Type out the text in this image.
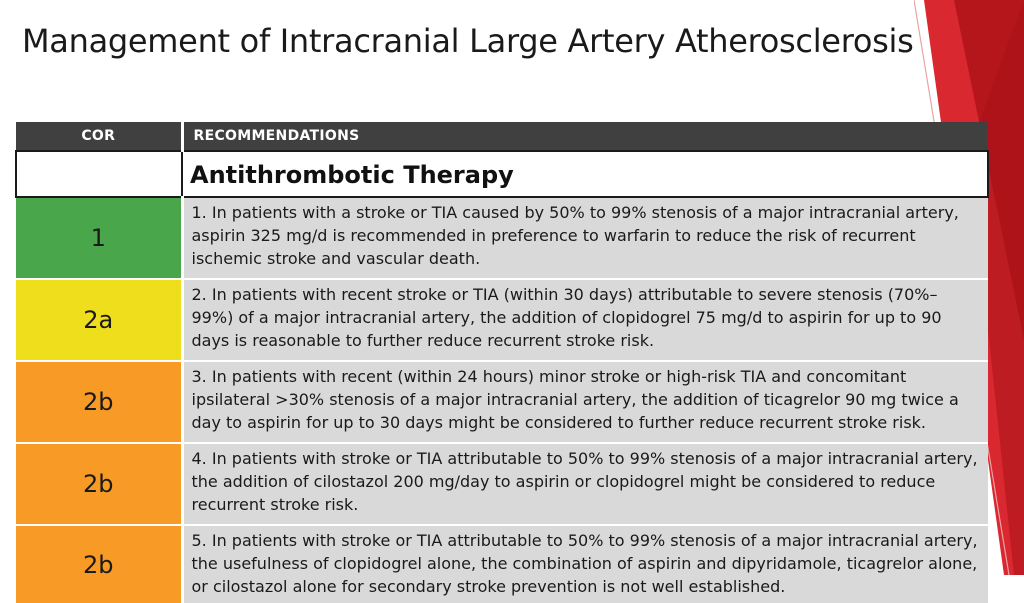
Management of Intracranial Large Artery Atherosclerosis
COR	RECOMMENDATIONS
	Antithrombotic Therapy
1	1. In patients with a stroke or TIA caused by 50% to 99% stenosis of a major intracranial artery, aspirin 325 mg/d is recommended in preference to warfarin to reduce the risk of recurrent ischemic stroke and vascular death.
2a	2. In patients with recent stroke or TIA (within 30 days) attributable to severe stenosis (70%–99%) of a major intracranial artery, the addition of clopidogrel 75 mg/d to aspirin for up to 90 days is reasonable to further reduce recurrent stroke risk.
2b	3. In patients with recent (within 24 hours) minor stroke or high-risk TIA and concomitant ipsilateral >30% stenosis of a major intracranial artery, the addition of ticagrelor 90 mg twice a day to aspirin for up to 30 days might be considered to further reduce recurrent stroke risk.
2b	4. In patients with stroke or TIA attributable to 50% to 99% stenosis of a major intracranial artery, the addition of cilostazol 200 mg/day to aspirin or clopidogrel might be considered to reduce recurrent stroke risk.
2b	5. In patients with stroke or TIA attributable to 50% to 99% stenosis of a major intracranial artery, the usefulness of clopidogrel alone, the combination of aspirin and dipyridamole, ticagrelor alone, or cilostazol alone for secondary stroke prevention is not well established.
